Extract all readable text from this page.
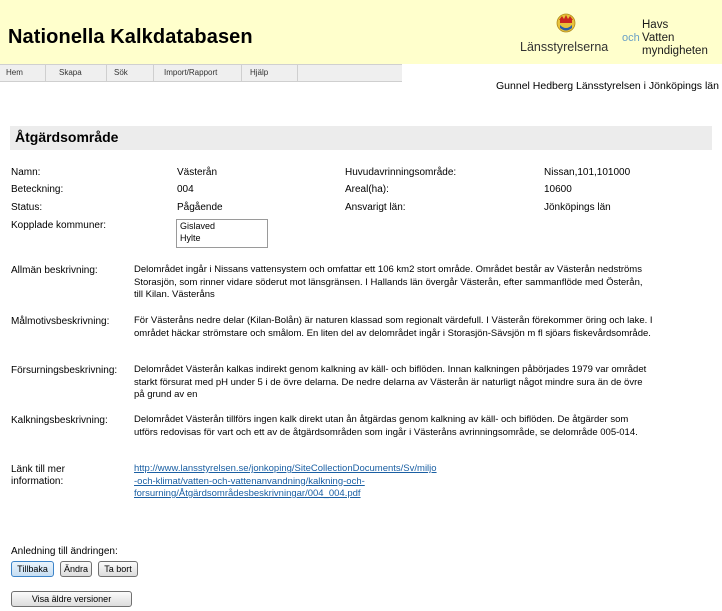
Nationella Kalkdatabasen	Länsstyrelserna
och
Havs
Vatten
myndigheten
Hem	Skapa	Sök	Import/Rapport	Hjälp
Gunnel Hedberg Länsstyrelsen i Jönköpings län
Åtgärdsområde
Namn:	Västerån
Beteckning:	004
Status:	Pågående
Kopplade kommuner:	Gislaved
Hylte
Huvudavrinningsområde:	Nissan,101,101000
Areal(ha):	10600
Ansvarigt län:	Jönköpings län
Allmän beskrivning:	Delområdet ingår i Nissans vattensystem och omfattar ett 106 km2 stort område. Området består av Västerån nedströms Storasjön, som rinner vidare söderut mot länsgränsen. I Hallands län övergår Västerån, efter sammanflöde med Österån, till Kilan. Västeråns
Målmotivsbeskrivning:	För Västeråns nedre delar (Kilan-Bolån) är naturen klassad som regionalt värdefull. I Västerån förekommer öring och lake. I området häckar strömstare och smålom. En liten del av delområdet ingår i Storasjön-Sävsjön m fl sjöars fiskevårdsområde.
Försurningsbeskrivning: Delområdet Västerån kalkas indirekt genom kalkning av käll- och biflöden. Innan kalkningen påbörjades 1979 var området starkt försurat med pH under 5 i de övre delarna. De nedre delarna av Västerån är naturligt något mindre sura än de övre på grund av en
Kalkningsbeskrivning:	Delområdet Västerån tillförs ingen kalk direkt utan ån åtgärdas genom kalkning av käll- och biflöden. De åtgärder som utförs redovisas för vart och ett av de åtgärdsområden som ingår i Västeråns avrinningsområde, se delområde 005-014.
Länk till mer
information:
http://www.lansstyrelsen.se/jonkoping/SiteCollectionDocuments/Sv/miljo
-och-klimat/vatten-och-vattenanvandning/kalkning-och-
forsurning/Åtgärdsområdesbeskrivningar/004_004.pdf
Anledning till ändringen:
Tillbaka	Ändra	Ta bort
Visa äldre versioner
